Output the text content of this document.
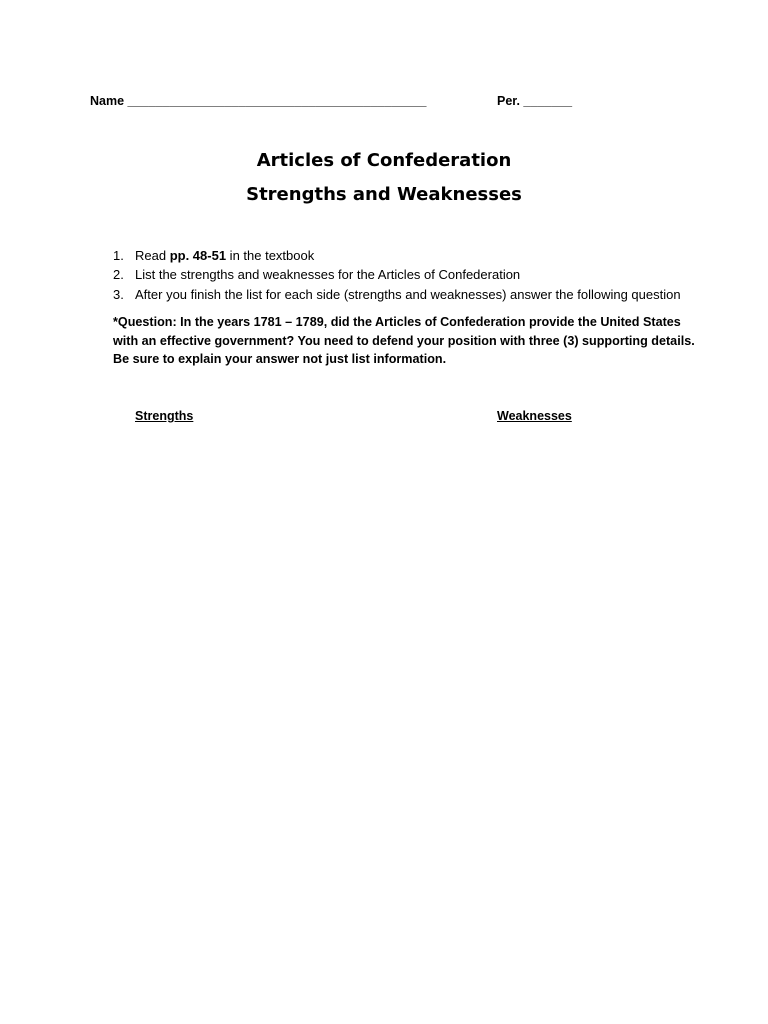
Name ___________________________________________	Per. _______
Articles of Confederation
Strengths and Weaknesses
1. Read pp. 48-51 in the textbook
2. List the strengths and weaknesses for the Articles of Confederation
3. After you finish the list for each side (strengths and weaknesses) answer the following question
*Question: In the years 1781 – 1789, did the Articles of Confederation provide the United States
with an effective government? You need to defend your position with three (3) supporting details.
Be sure to explain your answer not just list information.
Strengths	Weaknesses
